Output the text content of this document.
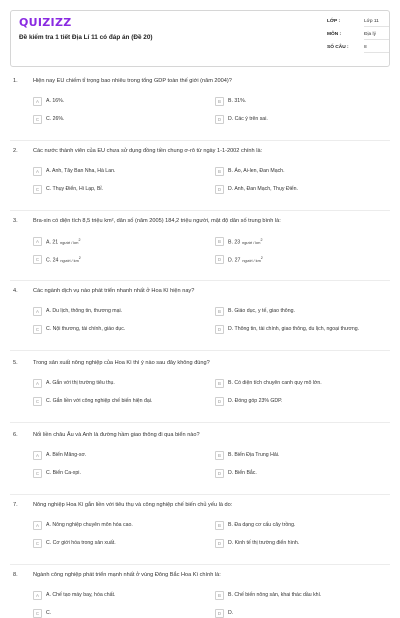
QUIZIZZ
Đề kiểm tra 1 tiết Địa Lí 11 có đáp án (Đề 20)
LỚP :	Lớp 11
MÔN :	Địa lý
SỐ CÂU :	8
1.	Hiện nay EU chiếm tỉ trọng bao nhiêu trong tổng GDP toàn thế giới (năm 2004)?
A	A. 16%.	B	B. 31%.
C	C. 26%.	D	D. Các ý trên sai.
2.	Các nước thành viên của EU chưa sử dụng đồng tiền chung ơ-rô từ ngày 1-1-2002 chính là:
A	A. Anh, Tây Ban Nha, Hà Lan.	B	B. Áo, Ai-len, Đan Mạch.
C	C. Thụy Điển, Hi Lạp, Bỉ.	D	D. Anh, Đan Mạch, Thụy Điển.
3.	Bra-xin có diện tích 8,5 triệu km², dân số (năm 2005) 184,2 triệu người, mật độ dân số trung bình là:
A	A. 21 người / $km^2$	B	B. 23 người / $km^2$
C	C. 24 người / $km^2$	D	D. 27 người / $km^2$
4.	Các ngành dịch vụ nào phát triển nhanh nhất ở Hoa Kì hiện nay?
A	A. Du lịch, thông tin, thương mại.	B	B. Giáo dục, y tế, giao thông.
C	C. Nội thương, tài chính, giáo dục.	D	D. Thông tin, tài chính, giao thông, du lịch, ngoại thương.
5.	Trong sản xuất nông nghiệp của Hoa Kì thì ý nào sau đây không đúng?
A	A. Gắn với thị trường tiêu thụ.	B	B. Có diện tích chuyên canh quy mô lớn.
C	C. Gắn liền với công nghiệp chế biến hiện đại.	D	D. Đóng góp 23% GDP.
6.	Nối liền châu Âu và Anh là đường hầm giao thông đi qua biển nào?
A	A. Biển Măng-sơ.	B	B. Biển Địa Trung Hải.
C	C. Biển Ca-xpi.	D	D. Biển Bắc.
7.	Nông nghiệp Hoa Kì gắn liền với tiêu thụ và công nghiệp chế biến chủ yếu là do:
A	A. Nông nghiệp chuyên môn hóa cao.	B	B. Đa dạng cơ cấu cây trồng.
C	C. Cơ giới hóa trong sản xuất.	D	D. Kinh tế thị trường điển hình.
8.	Ngành công nghiệp phát triển mạnh nhất ở vùng Đông Bắc Hoa Kì chính là:
A	A. Chế tạo máy bay, hóa chất.	B	B. Chế biến nông sản, khai thác dầu khí.
C	C.	D	D.
